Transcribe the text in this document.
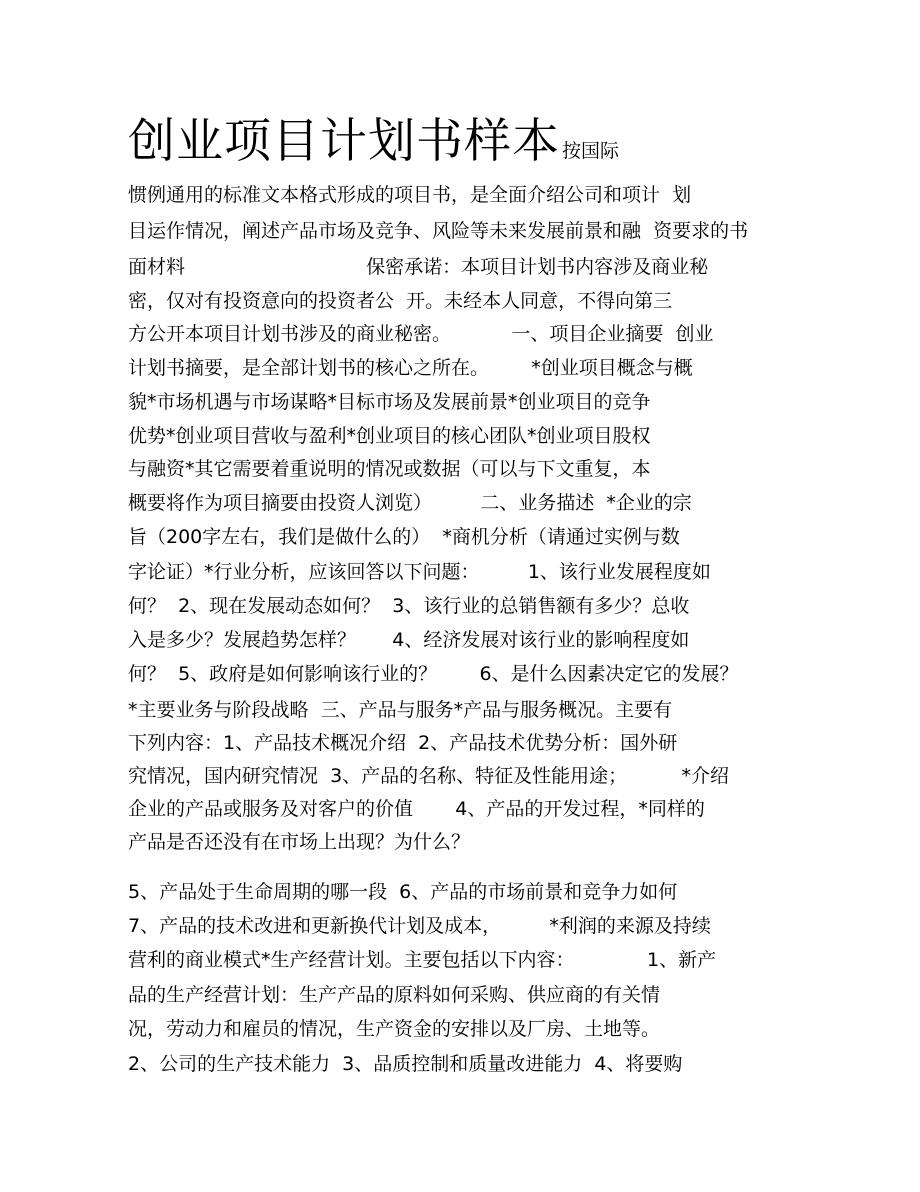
创业项目计划书样本 按国际
惯例通用的标准文本格式形成的项目书，是全面介绍公司和项计  划
目运作情况，阐述产品市场及竞争、风险等未来发展前景和融  资要求的书
面材料                              保密承诺：本项目计划书内容涉及商业秘
密，仅对有投资意向的投资者公  开。未经本人同意，不得向第三
方公开本项目计划书涉及的商业秘密。          一、项目企业摘要  创业
计划书摘要，是全部计划书的核心之所在。       *创业项目概念与概
貌*市场机遇与市场谋略*目标市场及发展前景*创业项目的竞争
优势*创业项目营收与盈利*创业项目的核心团队*创业项目股权
与融资*其它需要着重说明的情况或数据（可以与下文重复，本
概要将作为项目摘要由投资人浏览）        二、业务描述  *企业的宗
旨（200字左右，我们是做什么的）  *商机分析（请通过实例与数
字论证）*行业分析，应该回答以下问题：        1、该行业发展程度如
何？  2、现在发展动态如何？  3、该行业的总销售额有多少？总收
入是多少？发展趋势怎样？      4、经济发展对该行业的影响程度如
何？  5、政府是如何影响该行业的？       6、是什么因素决定它的发展？
*主要业务与阶段战略  三、产品与服务*产品与服务概况。主要有
下列内容：1、产品技术概况介绍  2、产品技术优势分析：国外研
究情况，国内研究情况  3、产品的名称、特征及性能用途；         *介绍
企业的产品或服务及对客户的价值       4、产品的开发过程，*同样的
产品是否还没有在市场上出现？为什么？
5、产品处于生命周期的哪一段  6、产品的市场前景和竞争力如何
7、产品的技术改进和更新换代计划及成本，        *利润的来源及持续
营利的商业模式*生产经营计划。主要包括以下内容：            1、新产
品的生产经营计划：生产产品的原料如何采购、供应商的有关情
况，劳动力和雇员的情况，生产资金的安排以及厂房、土地等。
2、公司的生产技术能力  3、品质控制和质量改进能力  4、将要购
